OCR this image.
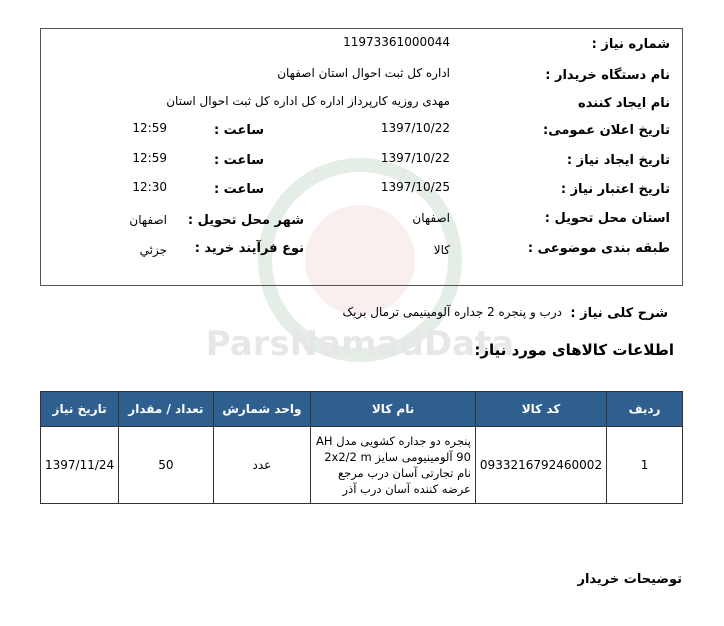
ParsNamadData
شماره نیاز :
11973361000044
نام دستگاه خریدار :
اداره کل ثبت احوال استان اصفهان
نام ایجاد کننده
مهدی روزیه کارپرداز اداره کل اداره کل ثبت احوال استان
تاریخ اعلان عمومی:
1397/10/22
ساعت :
12:59
تاریخ ایجاد نیاز :
1397/10/22
ساعت :
12:59
تاریخ اعتبار نیاز :
1397/10/25
ساعت :
12:30
استان محل تحویل :
اصفهان
شهر محل تحویل :
اصفهان
طبقه بندی موضوعی :
کالا
نوع فرآیند خرید :
جزئي
شرح کلی نیاز :
درب و پنجره 2 جداره آلومینیمی ترمال بریک
اطلاعات کالاهای مورد نیاز:
ردیف	کد کالا	نام کالا	واحد شمارش	تعداد / مقدار	تاریخ نیاز
1	0933216792460002	پنجره دو جداره کشویی مدل AH 90 آلومینیومی سایز 2x2/2 m نام تجارتی آسان درب مرجع عرضه کننده آسان درب آذر	عدد	50	1397/11/24
توضیحات خریدار
